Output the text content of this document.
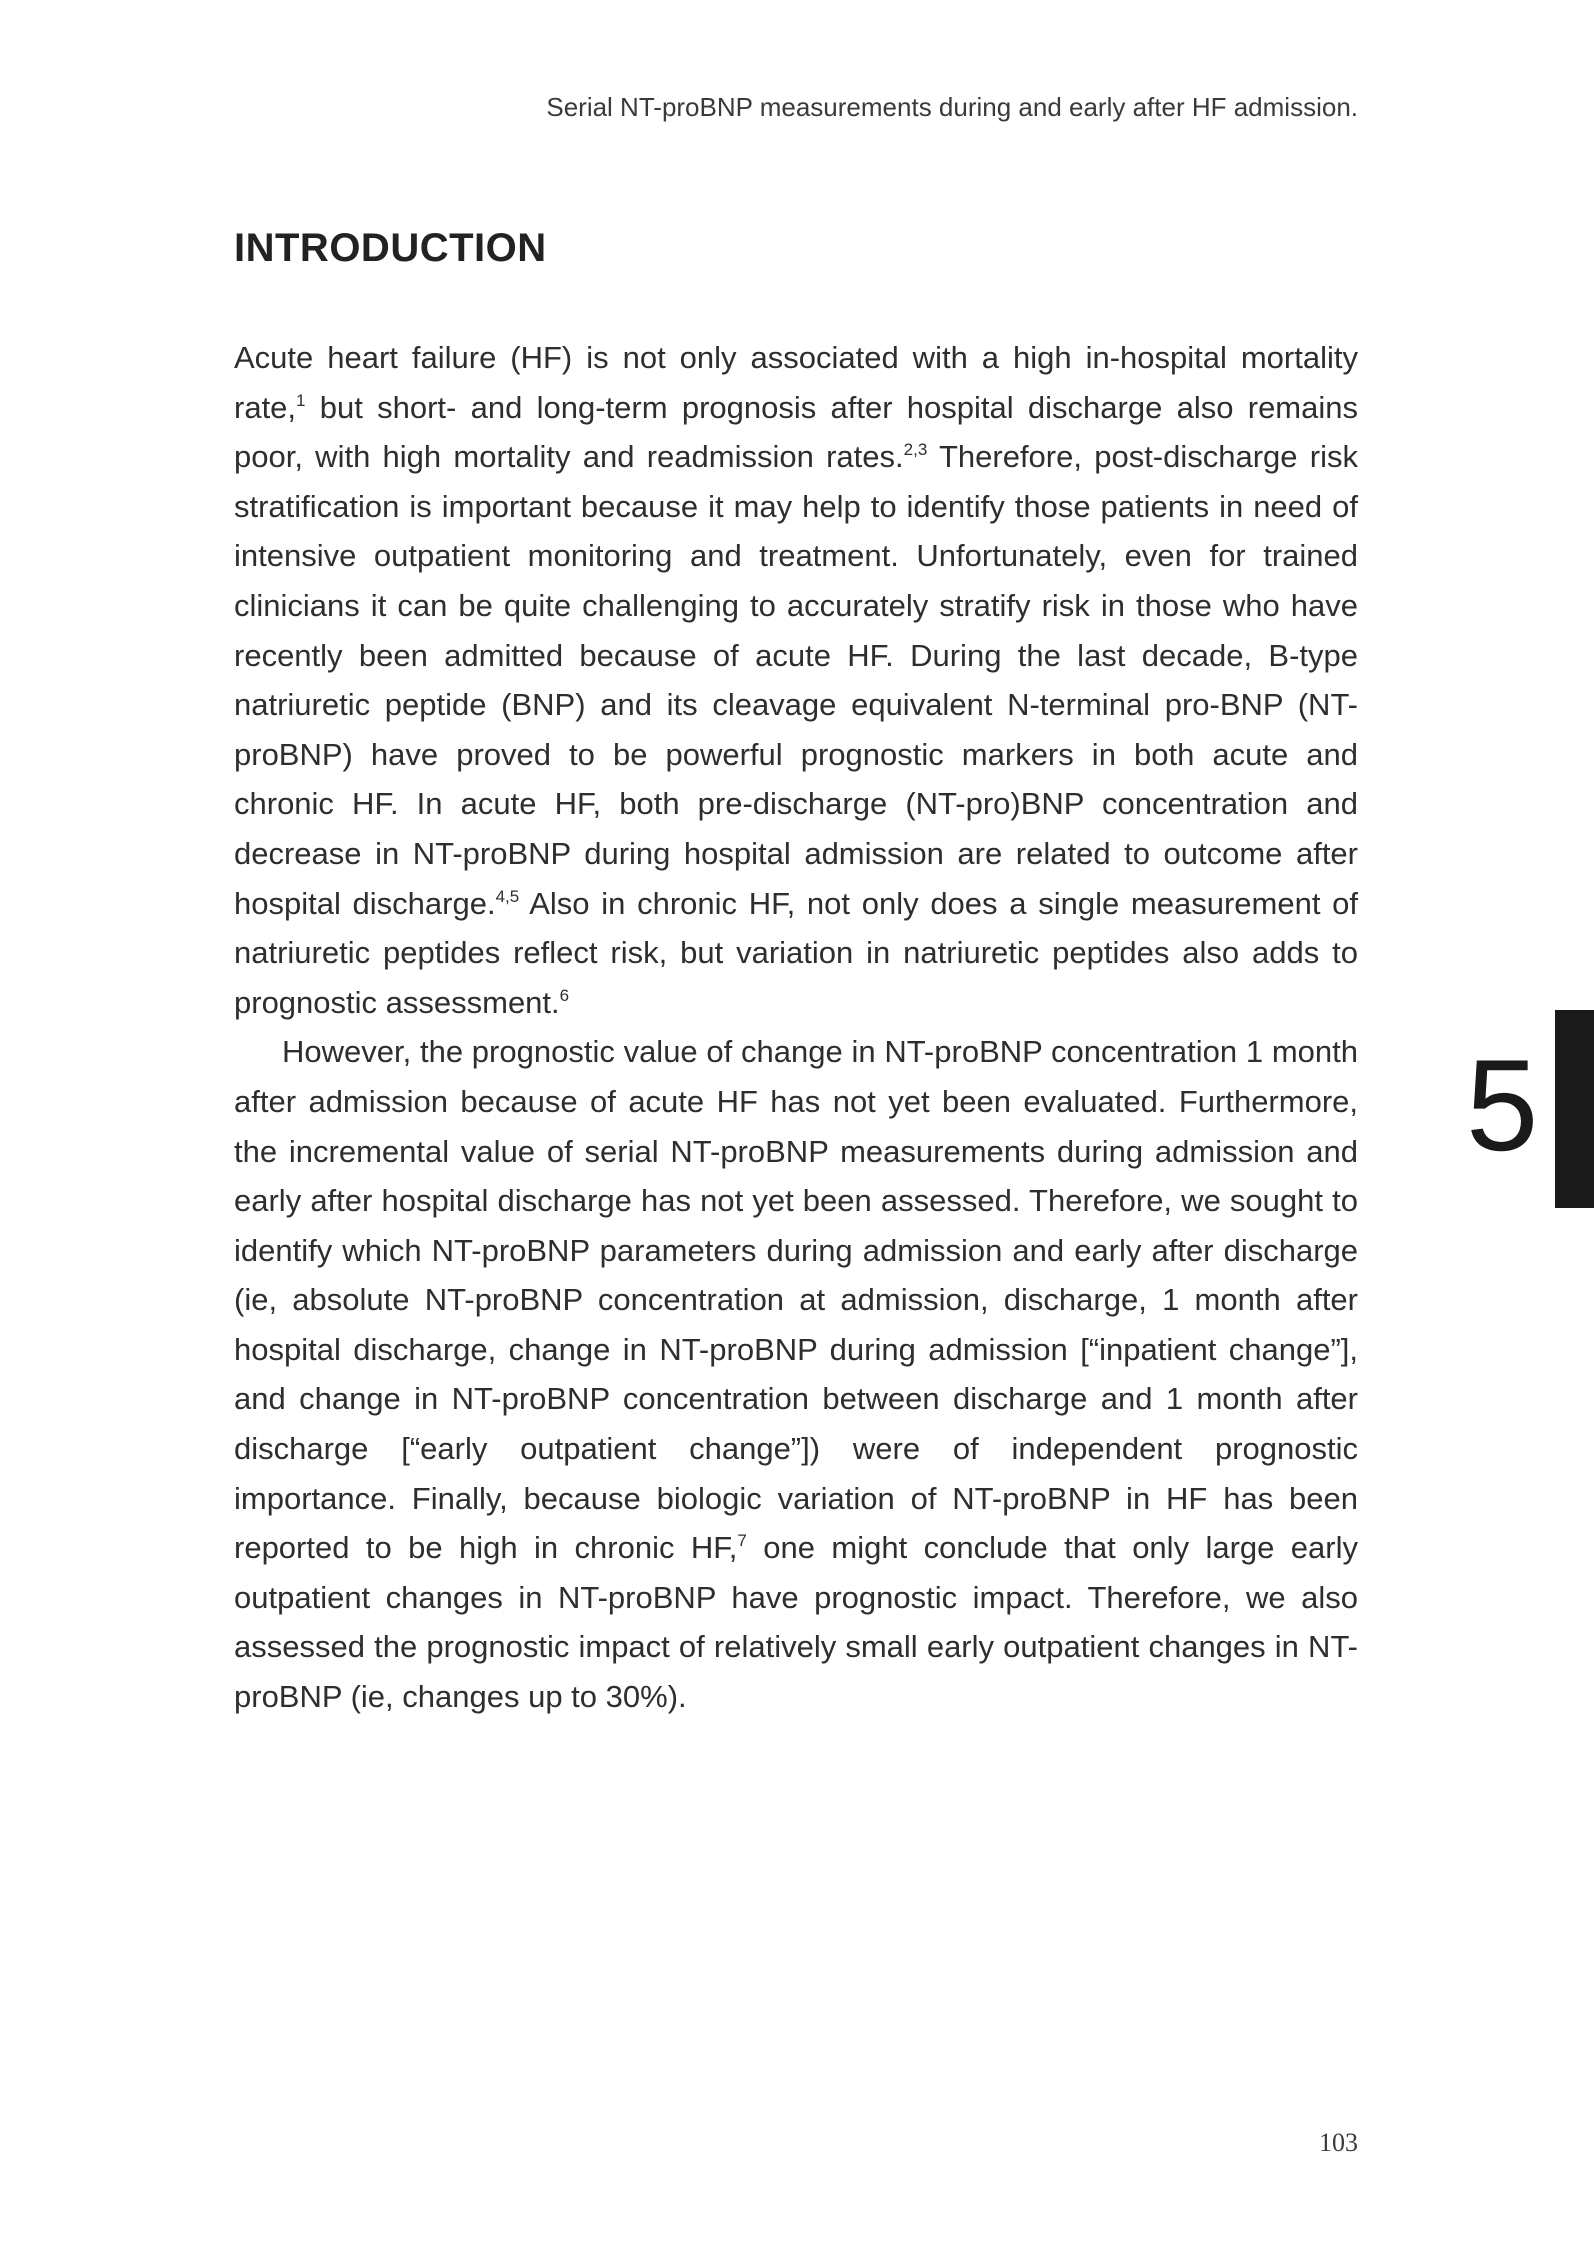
Serial NT-proBNP measurements during and early after HF admission.
INTRODUCTION

Acute heart failure (HF) is not only associated with a high in-hospital mortality rate,$^1$ but short- and long-term prognosis after hospital discharge also remains poor, with high mortality and readmission rates.$^{2,3}$ Therefore, post-discharge risk stratification is important because it may help to identify those patients in need of intensive outpatient monitoring and treatment. Unfortunately, even for trained clinicians it can be quite challenging to accurately stratify risk in those who have recently been admitted because of acute HF. During the last decade, B-type natriuretic peptide (BNP) and its cleavage equivalent N-terminal pro-BNP (NT-proBNP) have proved to be powerful prognostic markers in both acute and chronic HF. In acute HF, both pre-discharge (NT-pro)BNP concentration and decrease in NT-proBNP during hospital admission are related to outcome after hospital discharge.$^{4,5}$ Also in chronic HF, not only does a single measurement of natriuretic peptides reflect risk, but variation in natriuretic peptides also adds to prognostic assessment.$^6$

However, the prognostic value of change in NT-proBNP concentration 1 month after admission because of acute HF has not yet been evaluated. Furthermore, the incremental value of serial NT-proBNP measurements during admission and early after hospital discharge has not yet been assessed. Therefore, we sought to identify which NT-proBNP parameters during admission and early after discharge (ie, absolute NT-proBNP concentration at admission, discharge, 1 month after hospital discharge, change in NT-proBNP during admission [“inpatient change”], and change in NT-proBNP concentration between discharge and 1 month after discharge [“early outpatient change”]) were of independent prognostic importance. Finally, because biologic variation of NT-proBNP in HF has been reported to be high in chronic HF,$^7$ one might conclude that only large early outpatient changes in NT-proBNP have prognostic impact. Therefore, we also assessed the prognostic impact of relatively small early outpatient changes in NT-proBNP (ie, changes up to 30%).

5
103
